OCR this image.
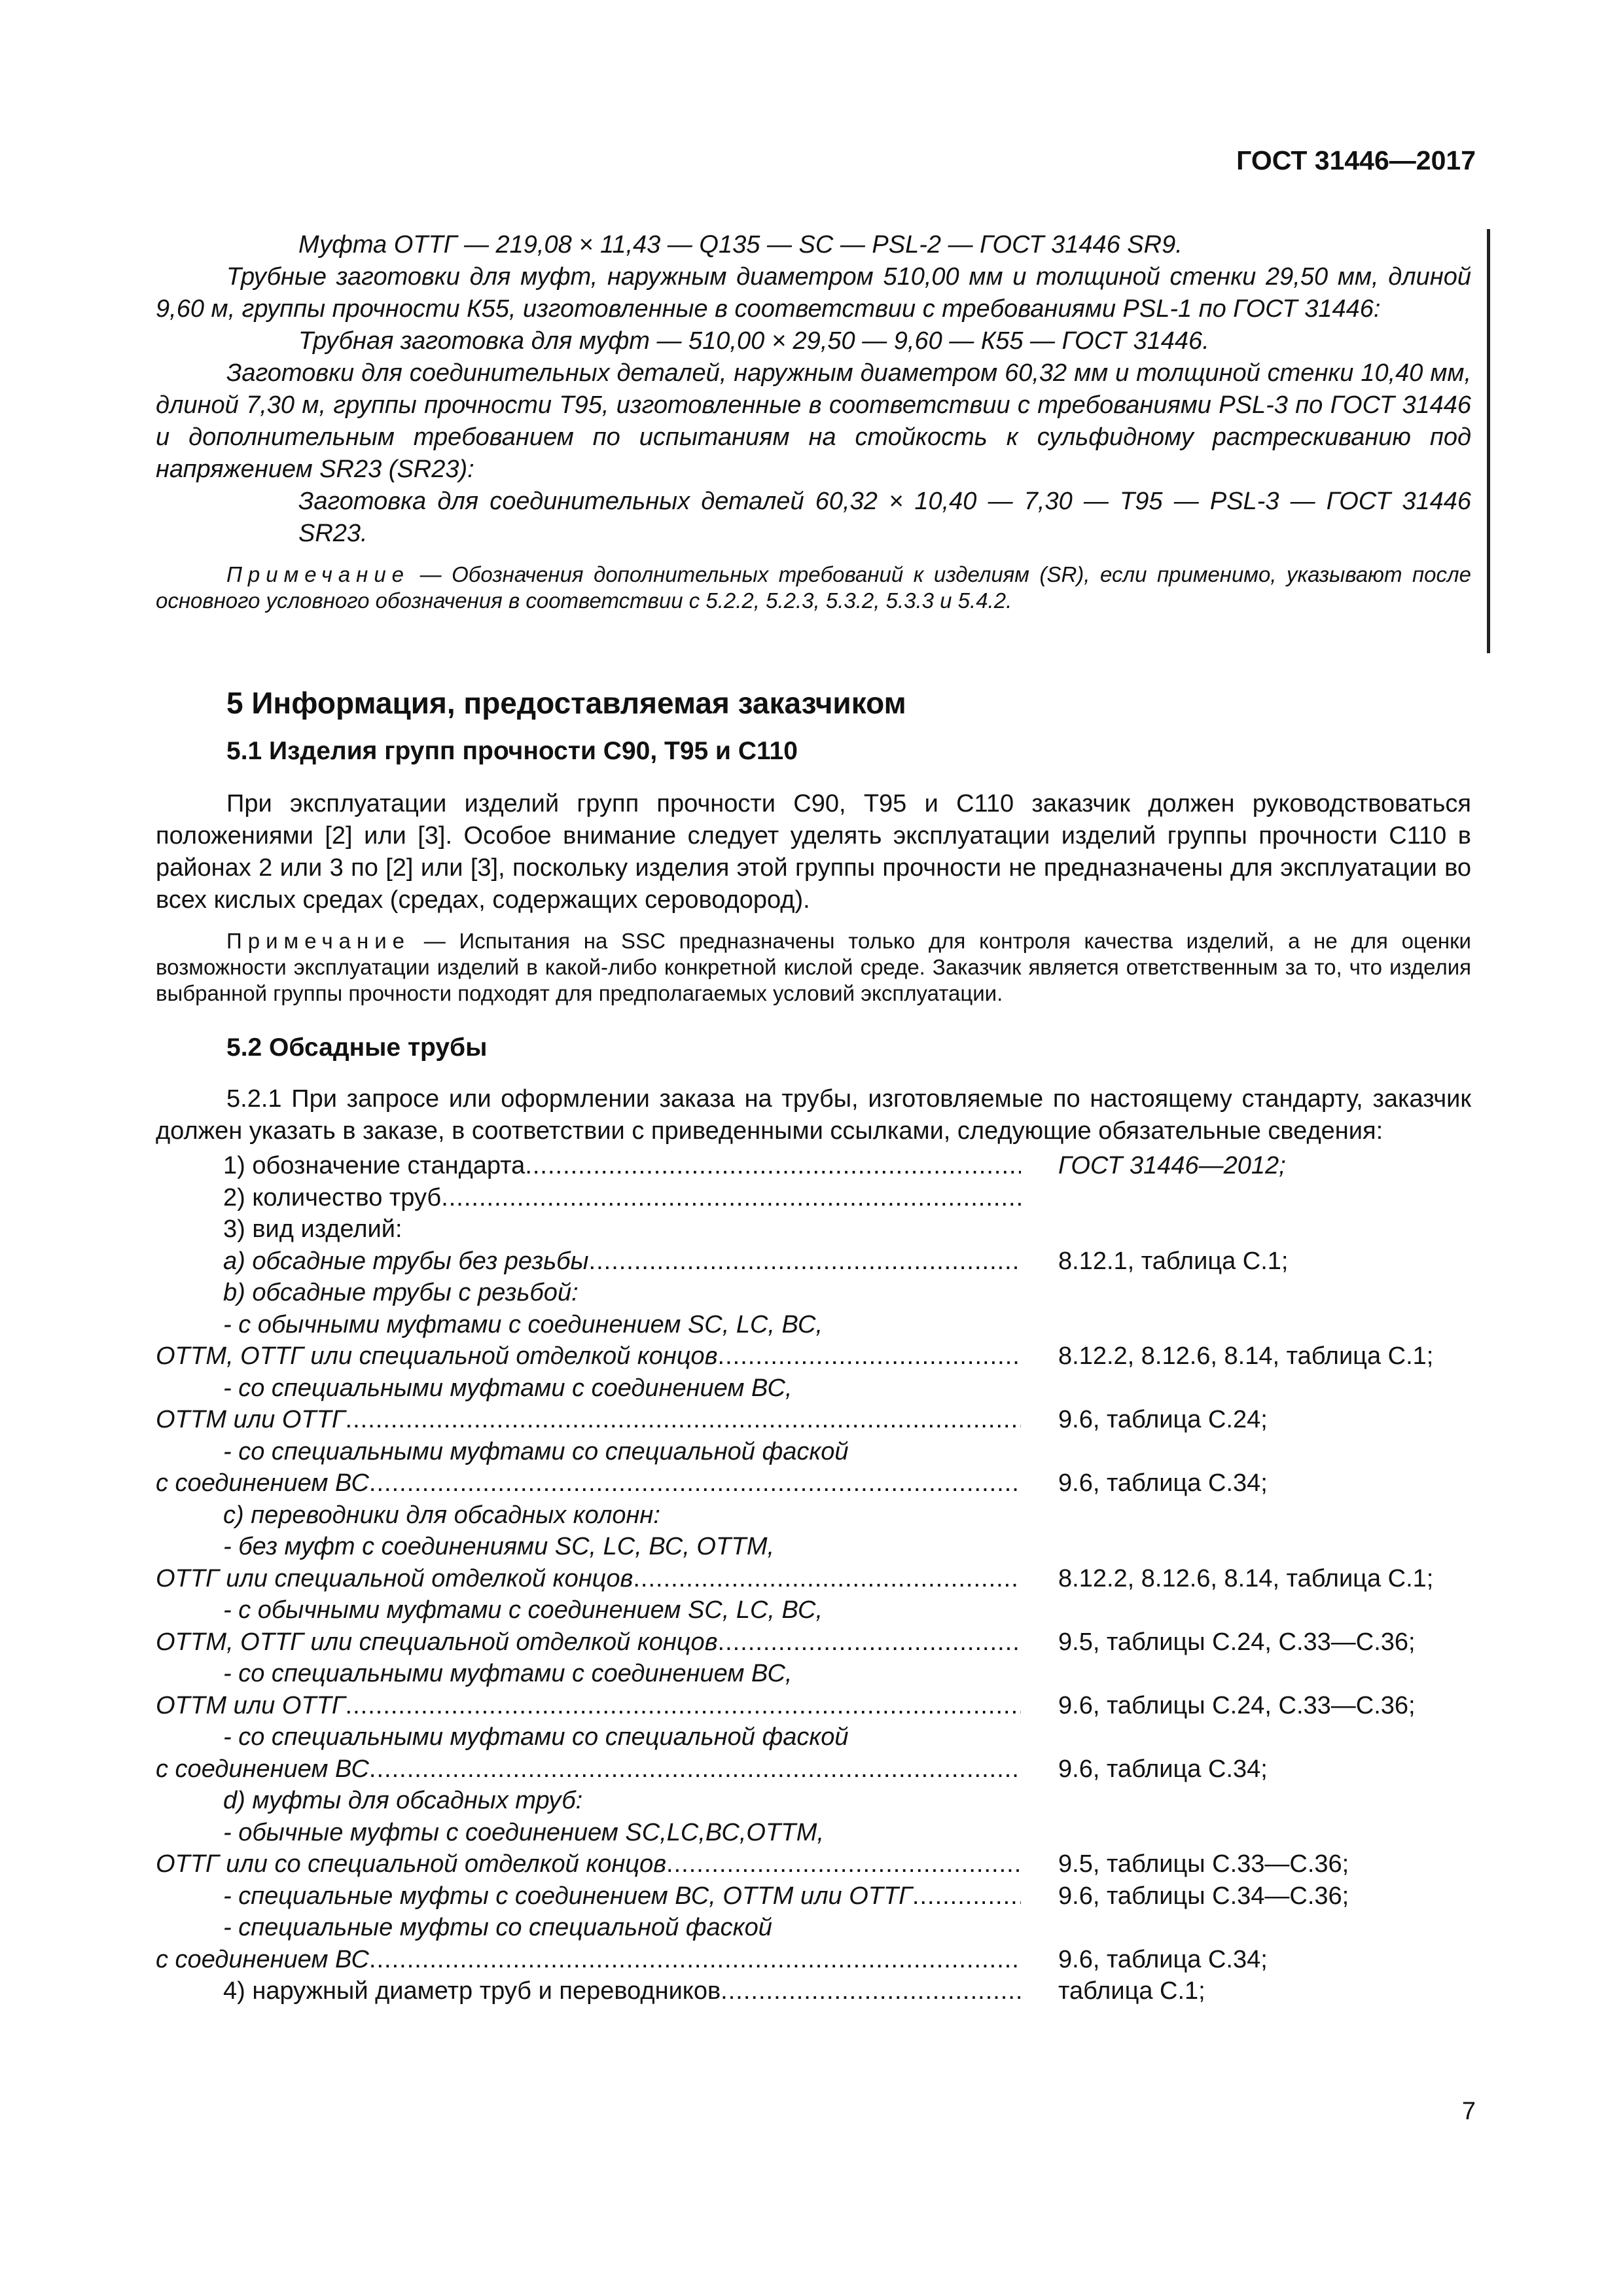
ГОСТ 31446—2017

Муфта ОТТГ — 219,08 × 11,43 — Q135 — SC — PSL-2 — ГОСТ 31446 SR9.

Трубные заготовки для муфт, наружным диаметром 510,00 мм и толщиной стенки 29,50 мм, длиной 9,60 м, группы прочности К55, изготовленные в соответствии с требованиями PSL-1 по ГОСТ 31446:

Трубная заготовка для муфт — 510,00 × 29,50 — 9,60 — К55 — ГОСТ 31446.

Заготовки для соединительных деталей, наружным диаметром 60,32 мм и толщиной стенки 10,40 мм, длиной 7,30 м, группы прочности Т95, изготовленные в соответствии с требованиями PSL-3 по ГОСТ 31446 и дополнительным требованием по испытаниям на стойкость к сульфидному растрескиванию под напряжением SR23 (SR23):

Заготовка для соединительных деталей 60,32 × 10,40 — 7,30 — Т95 — PSL-3 — ГОСТ 31446 SR23.

Примечание — Обозначения дополнительных требований к изделиям (SR), если применимо, указывают после основного условного обозначения в соответствии с 5.2.2, 5.2.3, 5.3.2, 5.3.3 и 5.4.2.

5 Информация, предоставляемая заказчиком

5.1 Изделия групп прочности С90, Т95 и С110

При эксплуатации изделий групп прочности С90, Т95 и С110 заказчик должен руководствоваться положениями [2] или [3]. Особое внимание следует уделять эксплуатации изделий группы прочности С110 в районах 2 или 3 по [2] или [3], поскольку изделия этой группы прочности не предназначены для эксплуатации во всех кислых средах (средах, содержащих сероводород).

Примечание — Испытания на SSC предназначены только для контроля качества изделий, а не для оценки возможности эксплуатации изделий в какой-либо конкретной кислой среде. Заказчик является ответственным за то, что изделия выбранной группы прочности подходят для предполагаемых условий эксплуатации.

5.2 Обсадные трубы

5.2.1 При запросе или оформлении заказа на трубы, изготовляемые по настоящему стандарту, заказчик должен указать в заказе, в соответствии с приведенными ссылками, следующие обязательные сведения:

1) обозначение стандарта .....	ГОСТ 31446—2012;
2) количество труб
.....
3) вид изделий:
a) обсадные трубы без резьбы .....	8.12.1, таблица С.1;
b) обсадные трубы с резьбой:
- с обычными муфтами с соединением SC, LC, ВС,
ОТТМ, ОТТГ или специальной отделкой концов .....	8.12.2, 8.12.6, 8.14, таблица С.1;
- со специальными муфтами с соединением ВС,
ОТТМ или ОТТГ .....	9.6, таблица С.24;
- со специальными муфтами со специальной фаской
с соединением ВС .....	9.6, таблица С.34;
c) переводники для обсадных колонн:
- без муфт с соединениями SC, LC, ВС, ОТТМ,
ОТТГ или специальной отделкой концов .....	8.12.2, 8.12.6, 8.14, таблица С.1;
- с обычными муфтами с соединением SC, LC, ВС,
ОТТМ, ОТТГ или специальной отделкой концов .....	9.5, таблицы С.24, С.33—С.36;
- со специальными муфтами с соединением ВС,
ОТТМ или ОТТГ .....	9.6, таблицы С.24, С.33—С.36;
- со специальными муфтами со специальной фаской
с соединением ВС .....	9.6, таблица С.34;
d) муфты для обсадных труб:
- обычные муфты с соединением SC,LC,ВС,ОТТМ,
ОТТГ или со специальной отделкой концов .....	9.5, таблицы С.33—С.36;
- специальные муфты с соединением ВС, ОТТМ или ОТТГ .....	9.6, таблицы С.34—С.36;
- специальные муфты со специальной фаской
с соединением ВС .....	9.6, таблица С.34;
4) наружный диаметр труб и переводников .....	таблица С.1;
7
